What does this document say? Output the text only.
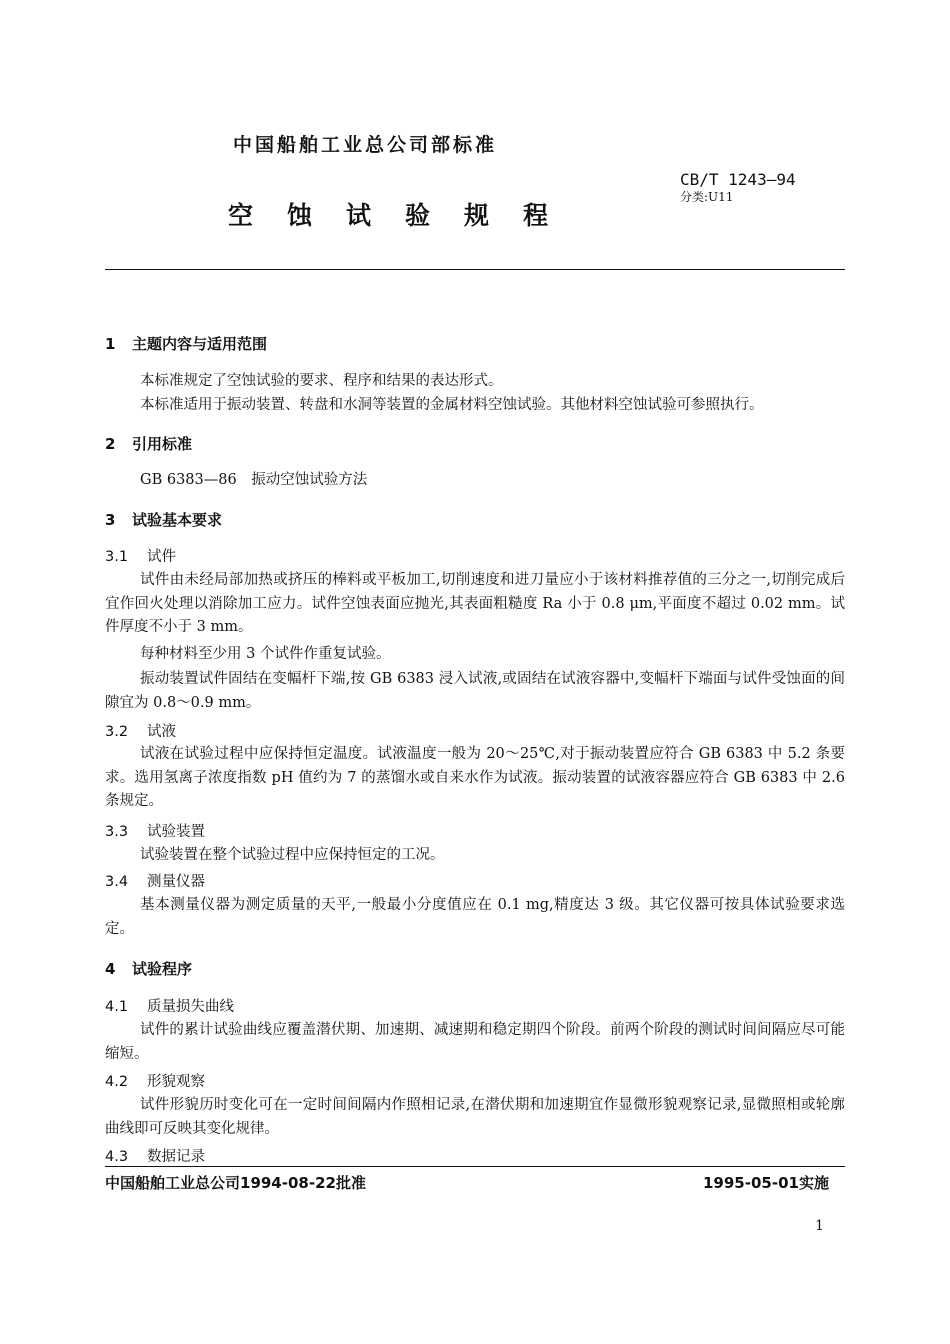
中国船舶工业总公司部标准
空蚀试验规程
CB/T 1243—94
分类:U11
1 主题内容与适用范围
本标准规定了空蚀试验的要求、程序和结果的表达形式。
本标准适用于振动装置、转盘和水洞等装置的金属材料空蚀试验。其他材料空蚀试验可参照执行。
2 引用标准
GB 6383—86　振动空蚀试验方法
3 试验基本要求
3.1 试件
试件由未经局部加热或挤压的棒料或平板加工,切削速度和进刀量应小于该材料推荐值的三分之一,切削完成后宜作回火处理以消除加工应力。试件空蚀表面应抛光,其表面粗糙度 Ra 小于 0.8 μm,平面度不超过 0.02 mm。试件厚度不小于 3 mm。
每种材料至少用 3 个试件作重复试验。
振动装置试件固结在变幅杆下端,按 GB 6383 浸入试液,或固结在试液容器中,变幅杆下端面与试件受蚀面的间隙宜为 0.8～0.9 mm。
3.2 试液
试液在试验过程中应保持恒定温度。试液温度一般为 20～25℃,对于振动装置应符合 GB 6383 中 5.2 条要求。选用氢离子浓度指数 pH 值约为 7 的蒸馏水或自来水作为试液。振动装置的试液容器应符合 GB 6383 中 2.6 条规定。
3.3 试验装置
试验装置在整个试验过程中应保持恒定的工况。
3.4 测量仪器
基本测量仪器为测定质量的天平,一般最小分度值应在 0.1 mg,精度达 3 级。其它仪器可按具体试验要求选定。
4 试验程序
4.1 质量损失曲线
试件的累计试验曲线应覆盖潜伏期、加速期、减速期和稳定期四个阶段。前两个阶段的测试时间间隔应尽可能缩短。
4.2 形貌观察
试件形貌历时变化可在一定时间间隔内作照相记录,在潜伏期和加速期宜作显微形貌观察记录,显微照相或轮廓曲线即可反映其变化规律。
4.3 数据记录
中国船舶工业总公司1994-08-22批准	1995-05-01实施
1
